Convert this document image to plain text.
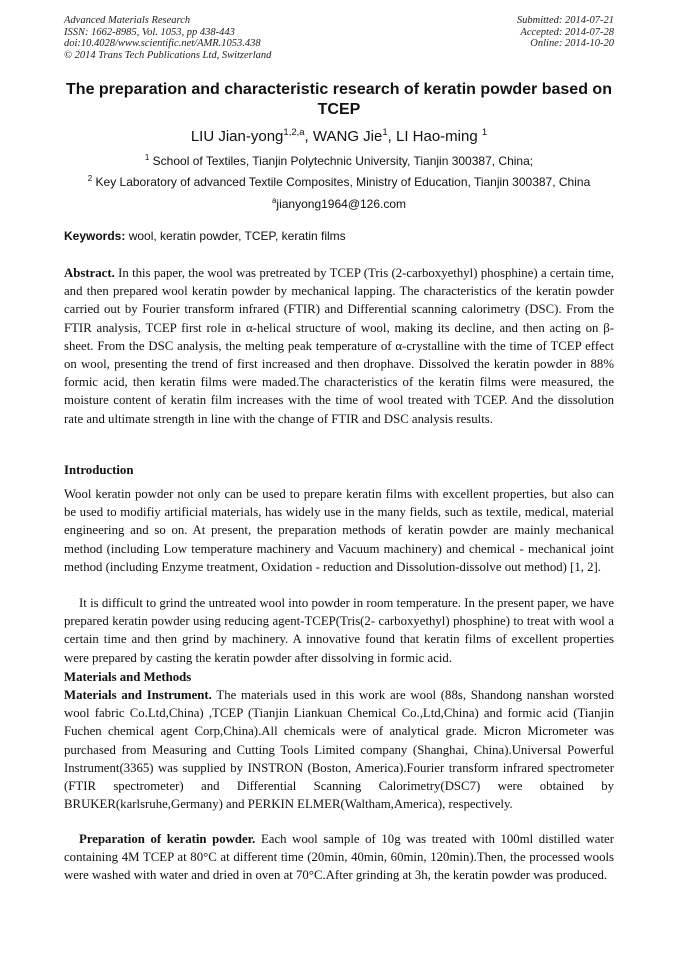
Advanced Materials Research
ISSN: 1662-8985, Vol. 1053, pp 438-443
doi:10.4028/www.scientific.net/AMR.1053.438
© 2014 Trans Tech Publications Ltd, Switzerland
Submitted: 2014-07-21
Accepted: 2014-07-28
Online: 2014-10-20
The preparation and characteristic research of keratin powder based on TCEP
LIU Jian-yong$^{1,2,a}$, WANG Jie$^1$, LI Hao-ming $^1$
$^1$ School of Textiles, Tianjin Polytechnic University, Tianjin 300387, China;
$^2$ Key Laboratory of advanced Textile Composites, Ministry of Education, Tianjin 300387, China
$^a$jianyong1964@126.com
Keywords: wool, keratin powder, TCEP, keratin films
Abstract. In this paper, the wool was pretreated by TCEP (Tris (2-carboxyethyl) phosphine) a certain time, and then prepared wool keratin powder by mechanical lapping. The characteristics of the keratin powder carried out by Fourier transform infrared (FTIR) and Differential scanning calorimetry (DSC). From the FTIR analysis, TCEP first role in α-helical structure of wool, making its decline, and then acting on β-sheet. From the DSC analysis, the melting peak temperature of α-crystalline with the time of TCEP effect on wool, presenting the trend of first increased and then drophave. Dissolved the keratin powder in 88% formic acid, then keratin films were maded.The characteristics of the keratin films were measured, the moisture content of keratin film increases with the time of wool treated with TCEP. And the dissolution rate and ultimate strength in line with the change of FTIR and DSC analysis results.
Introduction
Wool keratin powder not only can be used to prepare keratin films with excellent properties, but also can be used to modifiy artificial materials, has widely use in the many fields, such as textile, medical, material engineering and so on. At present, the preparation methods of keratin powder are mainly mechanical method (including Low temperature machinery and Vacuum machinery) and chemical - mechanical joint method (including Enzyme treatment, Oxidation - reduction and Dissolution-dissolve out method) [1, 2].
It is difficult to grind the untreated wool into powder in room temperature. In the present paper, we have prepared keratin powder using reducing agent-TCEP(Tris(2- carboxyethyl) phosphine) to treat with wool a certain time and then grind by machinery. A innovative found that keratin films of excellent properties were prepared by casting the keratin powder after dissolving in formic acid.
Materials and Methods
Materials and Instrument. The materials used in this work are wool (88s, Shandong nanshan worsted wool fabric Co.Ltd,China) ,TCEP (Tianjin Liankuan Chemical Co.,Ltd,China) and formic acid (Tianjin Fuchen chemical agent Corp,China).All chemicals were of analytical grade. Micron Micrometer was purchased from Measuring and Cutting Tools Limited company (Shanghai, China).Universal Powerful Instrument(3365) was supplied by INSTRON (Boston, America).Fourier transform infrared spectrometer (FTIR spectrometer) and Differential Scanning Calorimetry(DSC7) were obtained by BRUKER(karlsruhe,Germany) and PERKIN ELMER(Waltham,America), respectively.
Preparation of keratin powder. Each wool sample of 10g was treated with 100ml distilled water containing 4M TCEP at 80°C at different time (20min, 40min, 60min, 120min).Then, the processed wools were washed with water and dried in oven at 70°C.After grinding at 3h, the keratin powder was produced.
